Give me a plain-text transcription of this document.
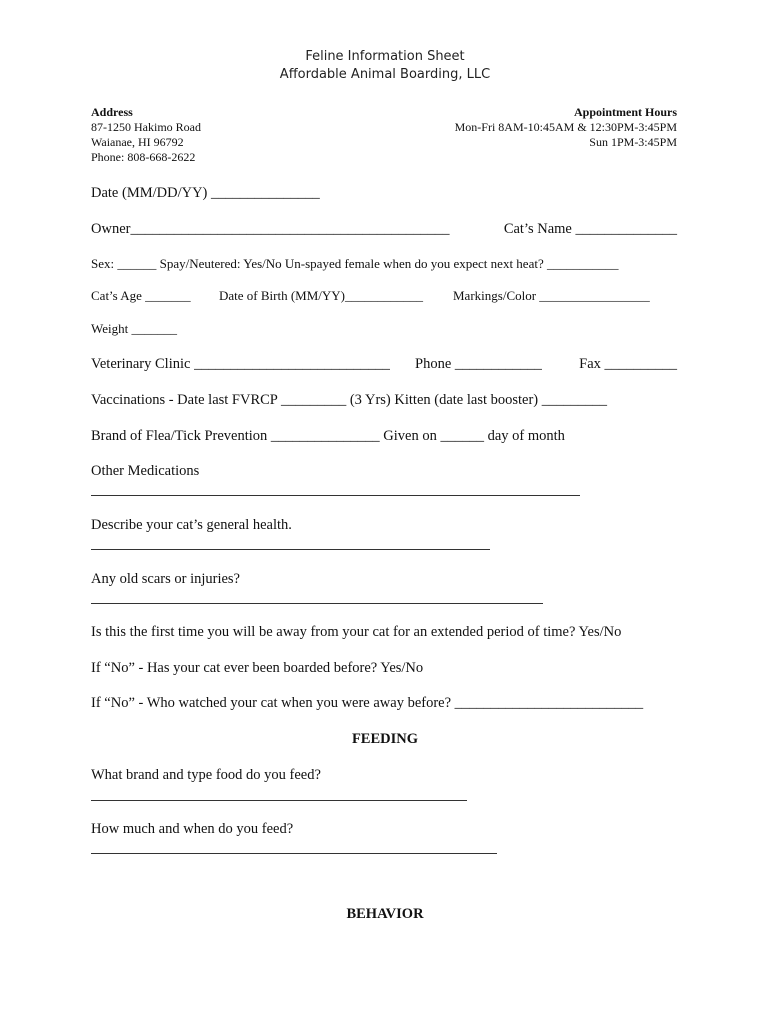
Feline Information Sheet
Affordable Animal Boarding, LLC
Address
87-1250 Hakimo Road
Waianae, HI 96792
Phone: 808-668-2622
Appointment Hours
Mon-Fri 8AM-10:45AM & 12:30PM-3:45PM
Sun 1PM-3:45PM
Date (MM/DD/YY) _______________
Owner____________________________________________	Cat’s Name ______________
Sex: ______ Spay/Neutered: Yes/No Un-spayed female when do you expect next heat? ___________
Cat’s Age _______ Date of Birth (MM/YY)____________ Markings/Color _________________
Weight _______
Veterinary Clinic ___________________________ Phone ____________	Fax __________
Vaccinations - Date last FVRCP _________ (3 Yrs) Kitten (date last booster) _________
Brand of Flea/Tick Prevention _______________ Given on ______ day of month
Other Medications
Describe your cat’s general health.
Any old scars or injuries?
Is this the first time you will be away from your cat for an extended period of time? Yes/No
If “No” - Has your cat ever been boarded before? Yes/No
If “No” - Who watched your cat when you were away before? __________________________
FEEDING
What brand and type food do you feed?
How much and when do you feed?
BEHAVIOR
